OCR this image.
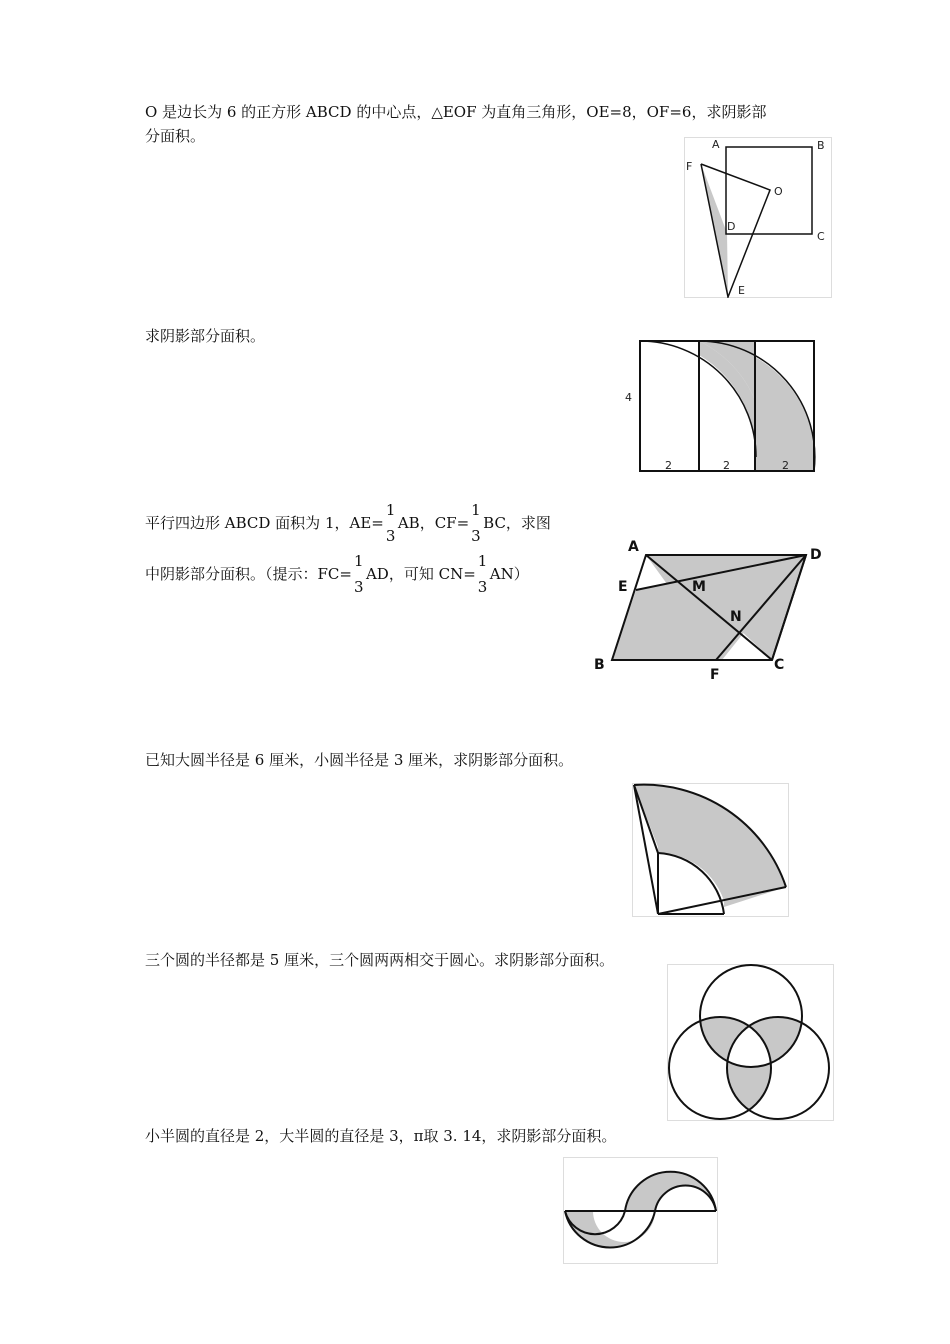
O 是边长为 6 的正方形 ABCD 的中心点，△EOF 为直角三角形，OE=8，OF=6，求阴影部
分面积。	A	B
C
D
E
F
O
求阴影部分面积。
4
2	2	2
平行四边形 ABCD 面积为 1，AE=
1
3
AB，CF=
1
3
BC，求图
中阴影部分面积。（提示：FC=
1
3
AD，可知 CN=
1
3
AN）
A	D
E	M
N
B	C
F
已知大圆半径是 6 厘米，小圆半径是 3 厘米，求阴影部分面积。
三个圆的半径都是 5 厘米，三个圆两两相交于圆心。求阴影部分面积。
小半圆的直径是 2，大半圆的直径是 3，π取 3. 14，求阴影部分面积。
